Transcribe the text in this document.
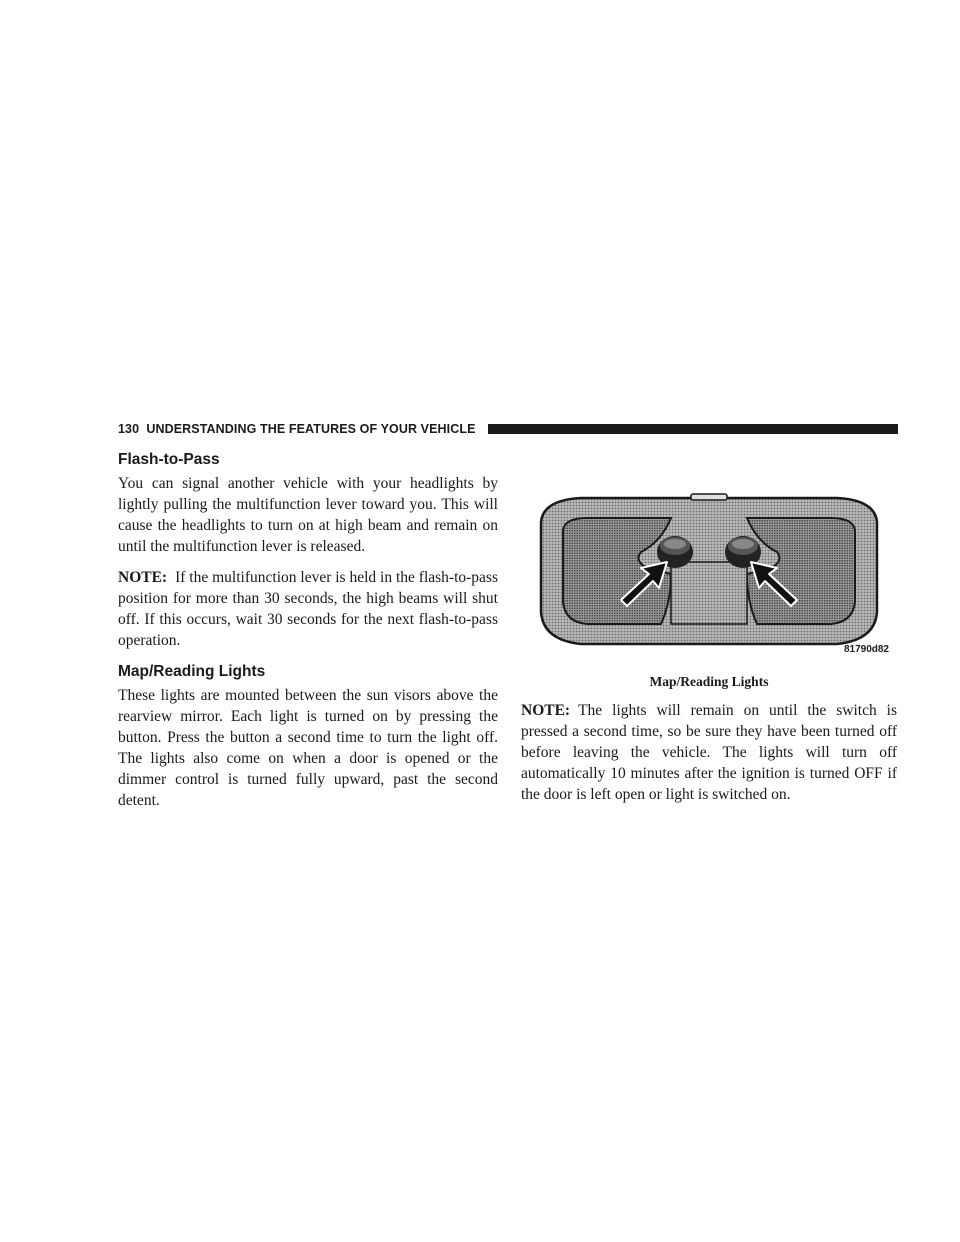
130 UNDERSTANDING THE FEATURES OF YOUR VEHICLE
Flash-to-Pass

You can signal another vehicle with your headlights by lightly pulling the multifunction lever toward you. This will cause the headlights to turn on at high beam and remain on until the multifunction lever is released.

NOTE: If the multifunction lever is held in the flash-to-pass position for more than 30 seconds, the high beams will shut off. If this occurs, wait 30 seconds for the next flash-to-pass operation.

Map/Reading Lights

These lights are mounted between the sun visors above the rearview mirror. Each light is turned on by pressing the button. Press the button a second time to turn the light off. The lights also come on when a door is opened or the dimmer control is turned fully upward, past the second detent.

81790d82
Map/Reading Lights

NOTE: The lights will remain on until the switch is pressed a second time, so be sure they have been turned off before leaving the vehicle. The lights will turn off automatically 10 minutes after the ignition is turned OFF if the door is left open or light is switched on.
